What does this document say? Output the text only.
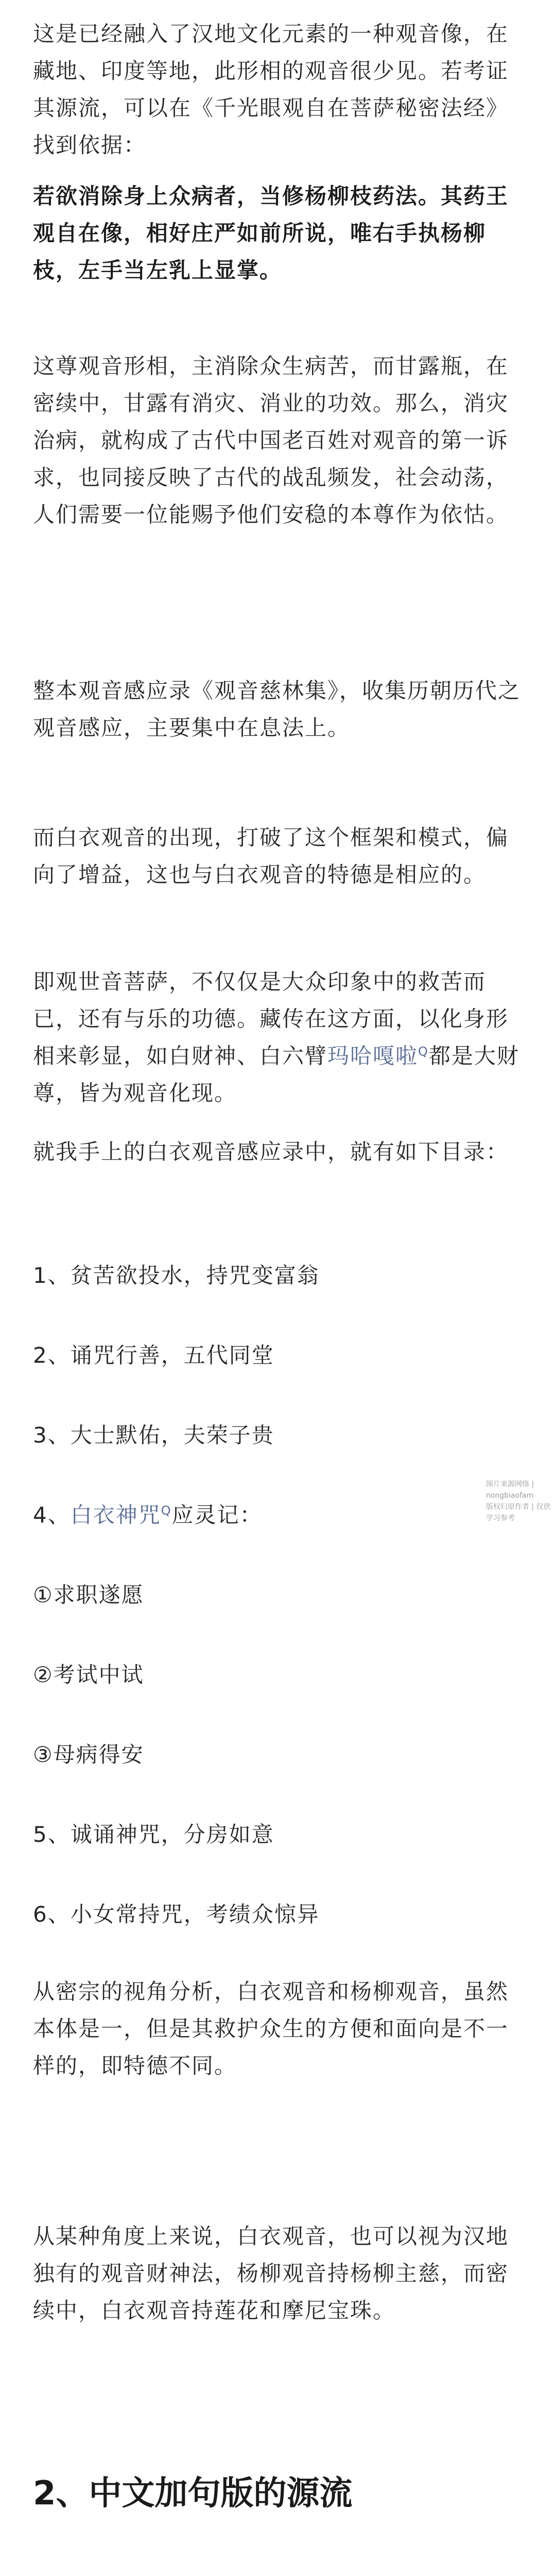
这是已经融入了汉地文化元素的一种观音像，在藏地、印度等地，此形相的观音很少见。若考证其源流，可以在《千光眼观自在菩萨秘密法经》找到依据：

若欲消除身上众病者，当修杨柳枝药法。其药王观自在像，相好庄严如前所说，唯右手执杨柳枝，左手当左乳上显掌。

这尊观音形相，主消除众生病苦，而甘露瓶，在密续中，甘露有消灾、消业的功效。那么，消灾治病，就构成了古代中国老百姓对观音的第一诉求，也同接反映了古代的战乱频发，社会动荡，人们需要一位能赐予他们安稳的本尊作为依怙。

整本观音感应录《观音慈林集》，收集历朝历代之观音感应，主要集中在息法上。

而白衣观音的出现，打破了这个框架和模式，偏向了增益，这也与白衣观音的特德是相应的。

即观世音菩萨，不仅仅是大众印象中的救苦而已，还有与乐的功德。藏传在这方面，以化身形相来彰显，如白财神、白六臂玛哈嘎啦$^Q$都是大财尊，皆为观音化现。

就我手上的白衣观音感应录中，就有如下目录：

1、贫苦欲投水，持咒变富翁

2、诵咒行善，五代同堂

3、大士默佑，夫荣子贵

4、白衣神咒$^Q$应灵记：

①求职遂愿

②考试中试

③母病得安

5、诚诵神咒，分房如意

6、小女常持咒，考绩众惊异

从密宗的视角分析，白衣观音和杨柳观音，虽然本体是一，但是其救护众生的方便和面向是不一样的，即特德不同。

从某种角度上来说，白衣观音，也可以视为汉地独有的观音财神法，杨柳观音持杨柳主慈，而密续中，白衣观音持莲花和摩尼宝珠。

2、中文加句版的源流

图片来源网络 | nongbiaofam
版权归原作者 | 仅供学习参考
